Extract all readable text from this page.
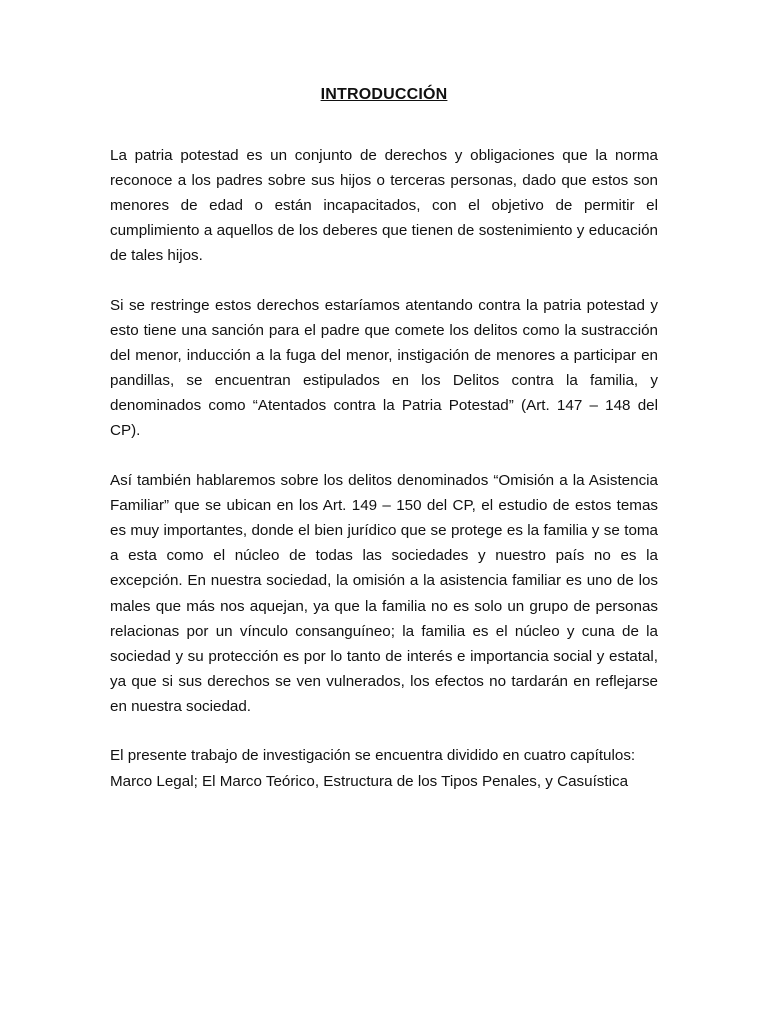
INTRODUCCIÓN

La patria potestad es un conjunto de derechos y obligaciones que la norma reconoce a los padres sobre sus hijos o terceras personas, dado que estos son menores de edad o están incapacitados, con el objetivo de permitir el cumplimiento a aquellos de los deberes que tienen de sostenimiento y educación de tales hijos.

Si se restringe estos derechos estaríamos atentando contra la patria potestad y esto tiene una sanción para el padre que comete los delitos como la sustracción del menor, inducción a la fuga del menor, instigación de menores a participar en pandillas, se encuentran estipulados en los Delitos contra la familia, y denominados como “Atentados contra la Patria Potestad” (Art. 147 – 148 del CP).

Así también hablaremos sobre los delitos denominados “Omisión a la Asistencia Familiar” que se ubican en los Art. 149 – 150 del CP, el estudio de estos temas es muy importantes, donde el bien jurídico que se protege es la familia y se toma a esta como el núcleo de todas las sociedades y nuestro país no es la excepción. En nuestra sociedad, la omisión a la asistencia familiar es uno de los males que más nos aquejan, ya que la familia no es solo un grupo de personas relacionas por un vínculo consanguíneo; la familia es el núcleo y cuna de la sociedad y su protección es por lo tanto de interés e importancia social y estatal, ya que si sus derechos se ven vulnerados, los efectos no tardarán en reflejarse en nuestra sociedad.

El presente trabajo de investigación se encuentra dividido en cuatro capítulos: Marco Legal; El Marco Teórico, Estructura de los Tipos Penales, y Casuística
